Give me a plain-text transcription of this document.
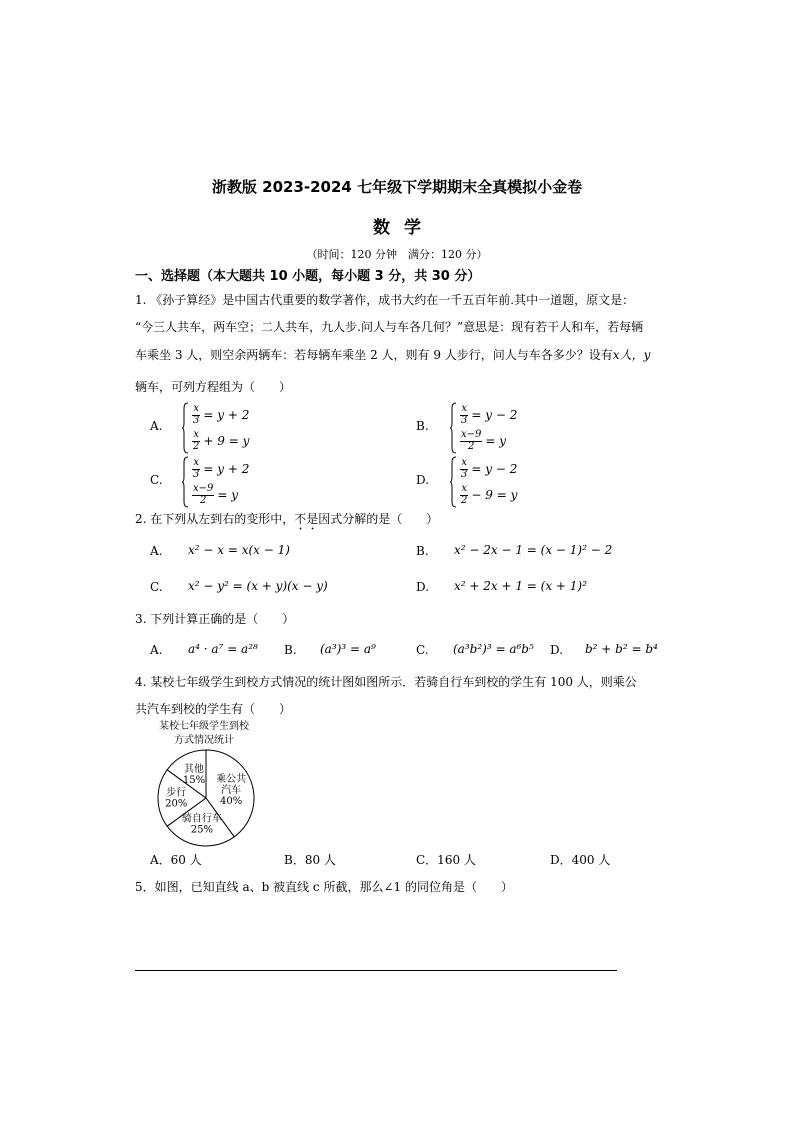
浙教版 2023-2024 七年级下学期期末全真模拟小金卷
数学
（时间：120 分钟　满分：120 分）
一、选择题（本大题共 10 小题，每小题 3 分，共 30 分）
1. 《孙子算经》是中国古代重要的数学著作，成书大约在一千五百年前.其中一道题，原文是：
“今三人共车，两车空；二人共车，九人步.问人与车各几何？”意思是：现有若干人和车，若每辆
车乘坐 3 人，则空余两辆车：若每辆车乘坐 2 人，则有 9 人步行，问人与车各多少？设有x人，y
辆车，可列方程组为（　　）
A.	$\frac{x}{3} = y + 2$
$\frac{x}{2} + 9 = y$
B.	$\frac{x}{3} = y - 2$
$\frac{x-9}{2} = y$
C.	$\frac{x}{3} = y + 2$
$\frac{x-9}{2} = y$
D.	$\frac{x}{3} = y - 2$
$\frac{x}{2} - 9 = y$
2. 在下列从左到右的变形中，不是因式分解的是（　　）
A. x² − x = x(x − 1)	B. x² − 2x − 1 = (x − 1)² − 2
C. x² − y² = (x + y)(x − y)	D. x² + 2x + 1 = (x + 1)²
3. 下列计算正确的是（　　）
A. a⁴ · a⁷ = a²⁸ B. (a³)³ = a⁹	C. (a³b²)³ = a⁶b⁵ D. b² + b² = b⁴
4. 某校七年级学生到校方式情况的统计图如图所示．若骑自行车到校的学生有 100 人，则乘公
共汽车到校的学生有（　　）
某校七年级学生到校
方式情况统计
乘公共
汽车
40%
骑自行车
25%
步行
20%
其他
15%
A．60 人	B．80 人	C．160 人	D．400 人
5．如图，已知直线 a、b 被直线 c 所截，那么∠1 的同位角是（　　）
